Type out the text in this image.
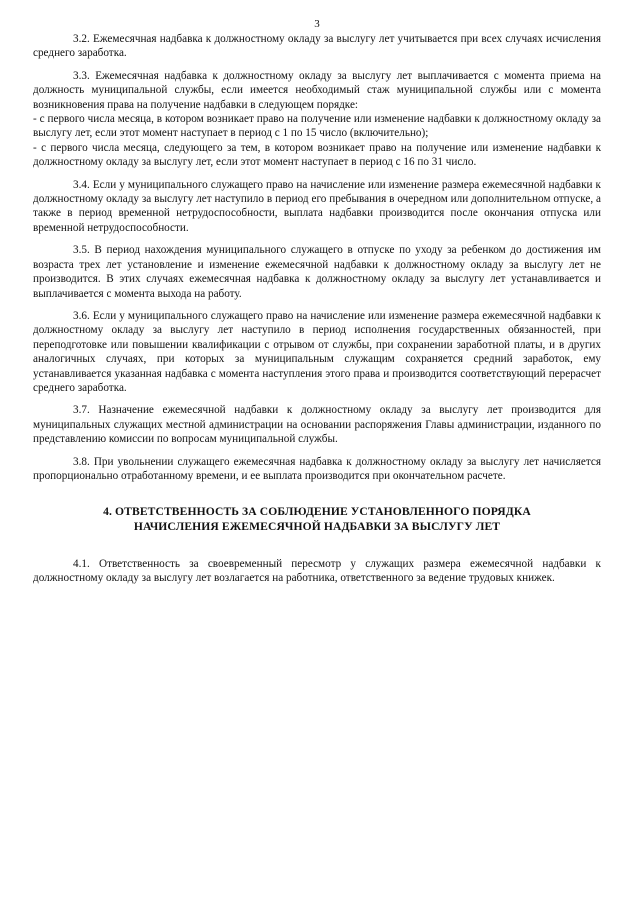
3

3.2. Ежемесячная надбавка к должностному окладу за выслугу лет учитывается при всех случаях исчисления среднего заработка.

3.3. Ежемесячная надбавка к должностному окладу за выслугу лет выплачивается с момента приема на должность муниципальной службы, если имеется необходимый стаж муниципальной службы или с момента возникновения права на получение надбавки в следующем порядке:

- с первого числа месяца, в котором возникает право на получение или изменение надбавки к должностному окладу за выслугу лет, если этот момент наступает в период с 1 по 15 число (включительно);

- с первого числа месяца, следующего за тем, в котором возникает право на получение или изменение надбавки к должностному окладу за выслугу лет, если этот момент наступает в период с 16 по 31 число.

3.4. Если у муниципального служащего право на начисление или изменение размера ежемесячной надбавки к должностному окладу за выслугу лет наступило в период его пребывания в очередном или дополнительном отпуске, а также в период временной нетрудоспособности, выплата надбавки производится после окончания отпуска или временной нетрудоспособности.

3.5. В период нахождения муниципального служащего в отпуске по уходу за ребенком до достижения им возраста трех лет установление и изменение ежемесячной надбавки к должностному окладу за выслугу лет не производится. В этих случаях ежемесячная надбавка к должностному окладу за выслугу лет устанавливается и выплачивается с момента выхода на работу.

3.6. Если у муниципального служащего право на начисление или изменение размера ежемесячной надбавки к должностному окладу за выслугу лет наступило в период исполнения государственных обязанностей, при переподготовке или повышении квалификации с отрывом от службы, при сохранении заработной платы, и в других аналогичных случаях, при которых за муниципальным служащим сохраняется средний заработок, ему устанавливается указанная надбавка с момента наступления этого права и производится соответствующий перерасчет среднего заработка.

3.7. Назначение ежемесячной надбавки к должностному окладу за выслугу лет производится для муниципальных служащих местной администрации на основании распоряжения Главы администрации, изданного по представлению комиссии по вопросам муниципальной службы.

3.8. При увольнении служащего ежемесячная надбавка к должностному окладу за выслугу лет начисляется пропорционально отработанному времени, и ее выплата производится при окончательном расчете.

4. ОТВЕТСТВЕННОСТЬ ЗА СОБЛЮДЕНИЕ УСТАНОВЛЕННОГО ПОРЯДКА
НАЧИСЛЕНИЯ ЕЖЕМЕСЯЧНОЙ НАДБАВКИ ЗА ВЫСЛУГУ ЛЕТ

4.1. Ответственность за своевременный пересмотр у служащих размера ежемесячной надбавки к должностному окладу за выслугу лет возлагается на работника, ответственного за ведение трудовых книжек.
